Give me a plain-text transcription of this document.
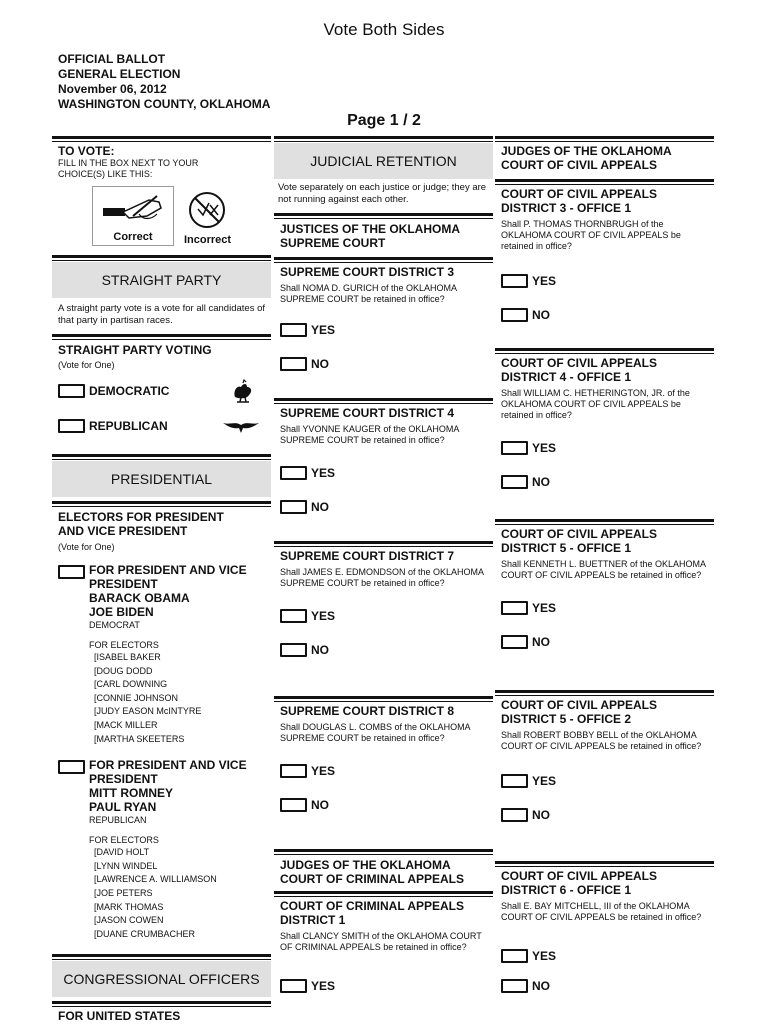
Vote Both Sides
OFFICIAL BALLOT
GENERAL ELECTION
November 06, 2012
WASHINGTON COUNTY, OKLAHOMA
Page 1 / 2
TO VOTE:
FILL IN THE BOX NEXT TO YOUR CHOICE(S) LIKE THIS:
Correct	Incorrect
STRAIGHT PARTY
A straight party vote is a vote for all candidates of that party in partisan races.
STRAIGHT PARTY VOTING
(Vote for One)
DEMOCRATIC
REPUBLICAN
PRESIDENTIAL
ELECTORS FOR PRESIDENT AND VICE PRESIDENT
(Vote for One)
FOR PRESIDENT AND VICE
PRESIDENT
BARACK OBAMA
JOE BIDEN
DEMOCRAT
FOR ELECTORS
[ISABEL BAKER
[DOUG DODD
[CARL DOWNING
[CONNIE JOHNSON
[JUDY EASON McINTYRE
[MACK MILLER
[MARTHA SKEETERS
FOR PRESIDENT AND VICE
PRESIDENT
MITT ROMNEY
PAUL RYAN
REPUBLICAN
FOR ELECTORS
[DAVID HOLT
[LYNN WINDEL
[LAWRENCE A. WILLIAMSON
[JOE PETERS
[MARK THOMAS
[JASON COWEN
[DUANE CRUMBACHER
CONGRESSIONAL OFFICERS
FOR UNITED STATES
JUDICIAL RETENTION
Vote separately on each justice or judge; they are not running against each other.
JUSTICES OF THE OKLAHOMA SUPREME COURT
SUPREME COURT DISTRICT 3
Shall NOMA D. GURICH of the OKLAHOMA SUPREME COURT be retained in office?
YES
NO
SUPREME COURT DISTRICT 4
Shall YVONNE KAUGER of the OKLAHOMA SUPREME COURT be retained in office?
YES
NO
SUPREME COURT DISTRICT 7
Shall JAMES E. EDMONDSON of the OKLAHOMA SUPREME COURT be retained in office?
YES
NO
SUPREME COURT DISTRICT 8
Shall DOUGLAS L. COMBS of the OKLAHOMA SUPREME COURT be retained in office?
YES
NO
JUDGES OF THE OKLAHOMA COURT OF CRIMINAL APPEALS
COURT OF CRIMINAL APPEALS DISTRICT 1
Shall CLANCY SMITH of the OKLAHOMA COURT OF CRIMINAL APPEALS be retained in office?
YES
JUDGES OF THE OKLAHOMA COURT OF CIVIL APPEALS
COURT OF CIVIL APPEALS DISTRICT 3 - OFFICE 1
Shall P. THOMAS THORNBRUGH of the OKLAHOMA COURT OF CIVIL APPEALS be retained in office?
YES
NO
COURT OF CIVIL APPEALS DISTRICT 4 - OFFICE 1
Shall WILLIAM C. HETHERINGTON, JR. of the OKLAHOMA COURT OF CIVIL APPEALS be retained in office?
YES
NO
COURT OF CIVIL APPEALS DISTRICT 5 - OFFICE 1
Shall KENNETH L. BUETTNER of the OKLAHOMA COURT OF CIVIL APPEALS be retained in office?
YES
NO
COURT OF CIVIL APPEALS DISTRICT 5 - OFFICE 2
Shall ROBERT BOBBY BELL of the OKLAHOMA COURT OF CIVIL APPEALS be retained in office?
YES
NO
COURT OF CIVIL APPEALS DISTRICT 6 - OFFICE 1
Shall E. BAY MITCHELL, III of the OKLAHOMA COURT OF CIVIL APPEALS be retained in office?
YES
NO
